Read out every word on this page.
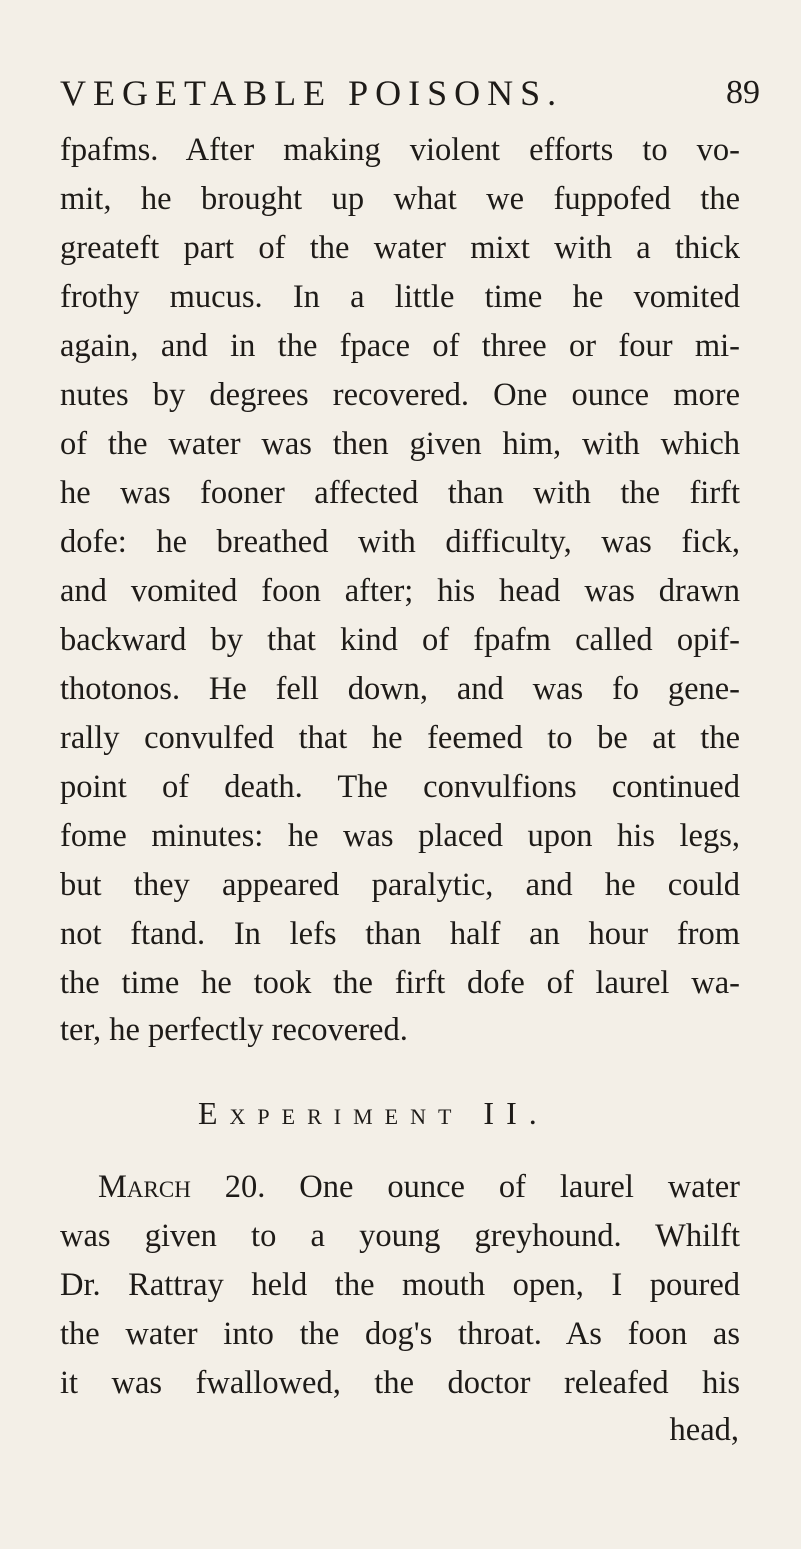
VEGETABLE POISONS.	89
fpafms. After making violent efforts to vo-
mit, he brought up what we fuppofed the
greateft part of the water mixt with a thick
frothy mucus. In a little time he vomited
again, and in the fpace of three or four mi-
nutes by degrees recovered. One ounce more
of the water was then given him, with which
he was fooner affected than with the firft
dofe: he breathed with difficulty, was fick,
and vomited foon after; his head was drawn
backward by that kind of fpafm called opif-
thotonos. He fell down, and was fo gene-
rally convulfed that he feemed to be at the
point of death. The convulfions continued
fome minutes: he was placed upon his legs,
but they appeared paralytic, and he could
not ftand. In lefs than half an hour from
the time he took the firft dofe of laurel wa-
ter, he perfectly recovered.
Experiment II.
March 20. One ounce of laurel water
was given to a young greyhound. Whilft
Dr. Rattray held the mouth open, I poured
the water into the dog's throat. As foon as
it was fwallowed, the doctor releafed his
head,
